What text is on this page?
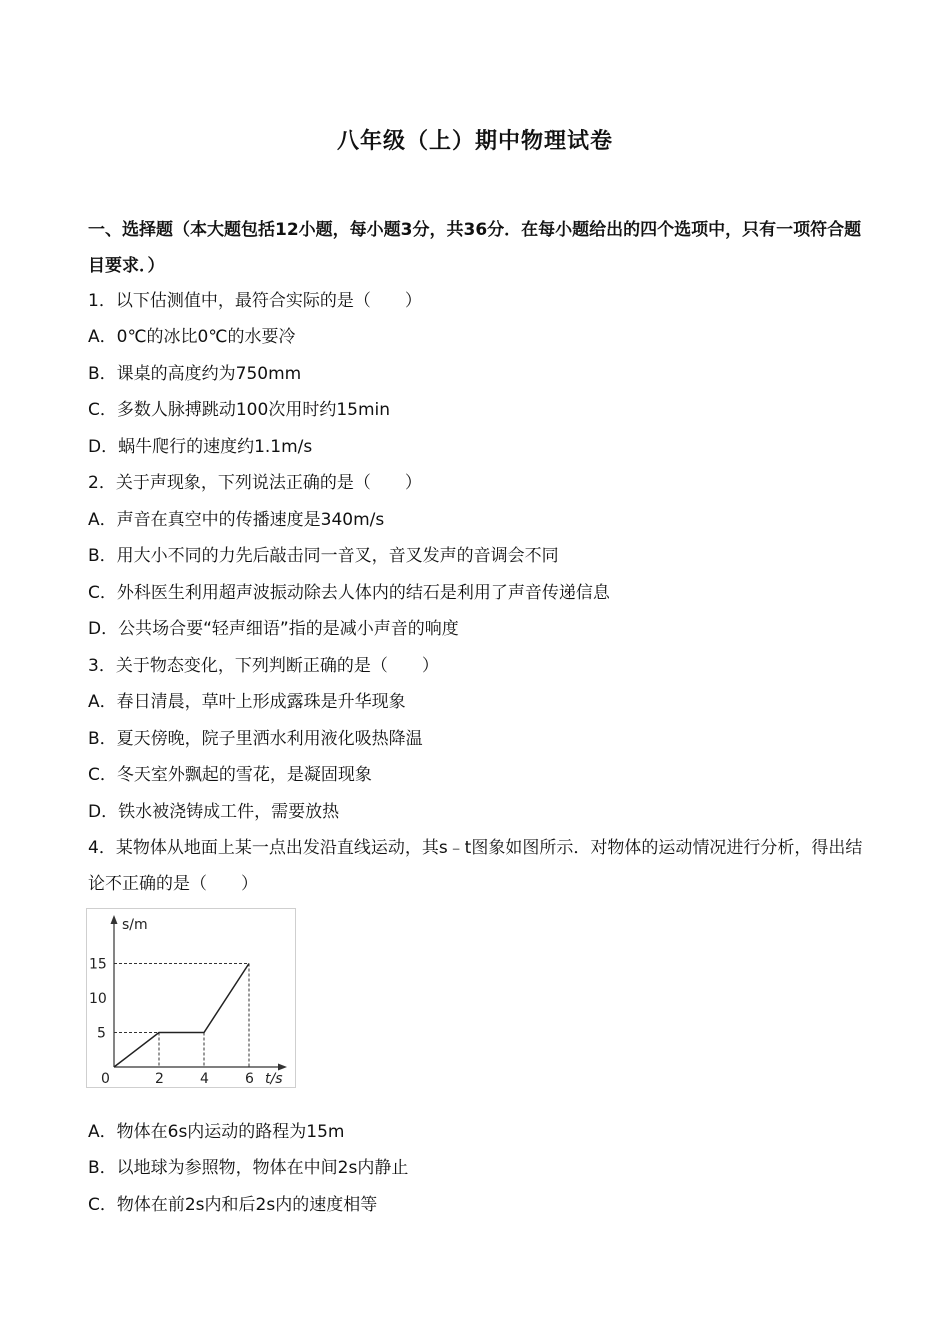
八年级（上）期中物理试卷
一、选择题（本大题包括12小题，每小题3分，共36分．在每小题给出的四个选项中，只有一项符合题目要求．）
1．以下估测值中，最符合实际的是（　　）
A．0℃的冰比0℃的水要冷
B．课桌的高度约为750mm
C．多数人脉搏跳动100次用时约15min
D．蜗牛爬行的速度约1.1m/s
2．关于声现象，下列说法正确的是（　　）
A．声音在真空中的传播速度是340m/s
B．用大小不同的力先后敲击同一音叉，音叉发声的音调会不同
C．外科医生利用超声波振动除去人体内的结石是利用了声音传递信息
D．公共场合要“轻声细语”指的是减小声音的响度
3．关于物态变化，下列判断正确的是（　　）
A．春日清晨，草叶上形成露珠是升华现象
B．夏天傍晚，院子里洒水利用液化吸热降温
C．冬天室外飘起的雪花，是凝固现象
D．铁水被浇铸成工件，需要放热
4．某物体从地面上某一点出发沿直线运动，其s﹣t图象如图所示．对物体的运动情况进行分析，得出结论不正确的是（　　）
0	2	4	6
5
10
15
s/m
t/s
A．物体在6s内运动的路程为15m
B．以地球为参照物，物体在中间2s内静止
C．物体在前2s内和后2s内的速度相等
